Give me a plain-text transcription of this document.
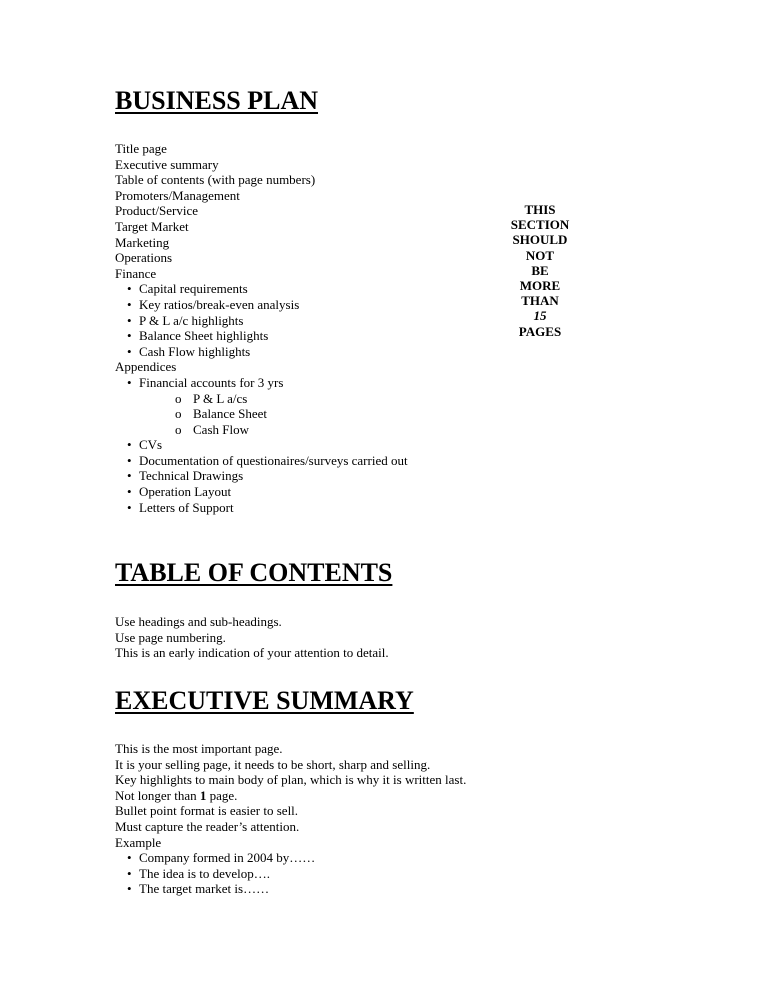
BUSINESS PLAN
Title page
Executive summary
Table of contents (with page numbers)
Promoters/Management
Product/Service
Target Market
Marketing
Operations
Finance
• Capital requirements
• Key ratios/break-even analysis
• P & L a/c highlights
• Balance Sheet highlights
• Cash Flow highlights
Appendices
• Financial accounts for 3 yrs
o P & L a/cs
o Balance Sheet
o Cash Flow
• CVs
• Documentation of questionaires/surveys carried out
• Technical Drawings
• Operation Layout
• Letters of Support
THIS
SECTION
SHOULD
NOT
BE
MORE
THAN
15
PAGES
TABLE OF CONTENTS
Use headings and sub-headings.
Use page numbering.
This is an early indication of your attention to detail.
EXECUTIVE SUMMARY
This is the most important page.
It is your selling page, it needs to be short, sharp and selling.
Key highlights to main body of plan, which is why it is written last.
Not longer than 1 page.
Bullet point format is easier to sell.
Must capture the reader’s attention.
Example
• Company formed in 2004 by……
• The idea is to develop….
• The target market is……
